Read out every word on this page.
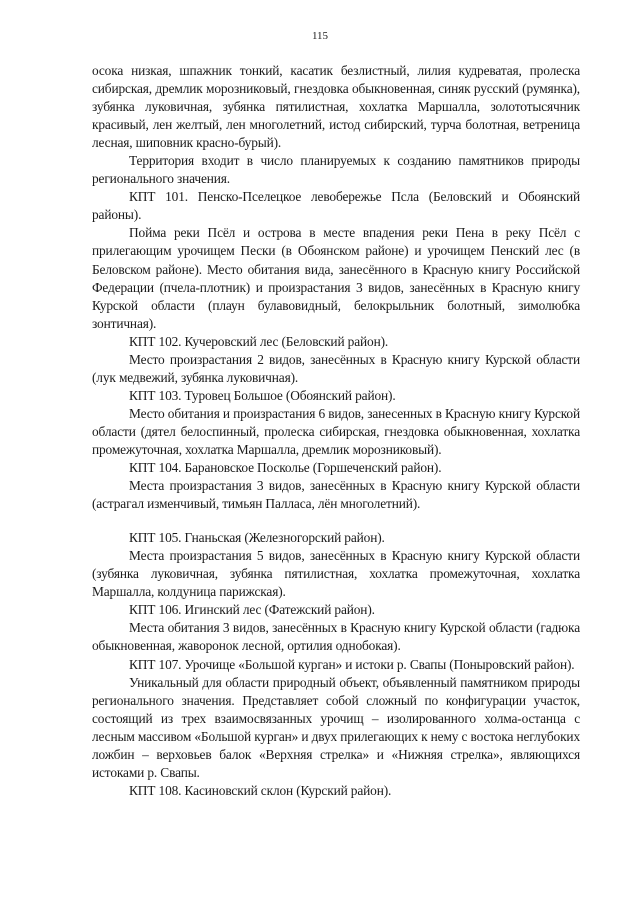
115

осока низкая, шпажник тонкий, касатик безлистный, лилия кудреватая, пролеска сибирская, дремлик морозниковый, гнездовка обыкновенная, синяк русский (румянка), зубянка луковичная, зубянка пятилистная, хохлатка Маршалла, золототысячник красивый, лен желтый, лен многолетний, истод сибирский, турча болотная, ветреница лесная, шиповник красно-бурый).

Территория входит в число планируемых к созданию памятников природы регионального значения.

КПТ 101. Пенско-Пселецкое левобережье Псла (Беловский и Обоянский районы).

Пойма реки Псёл и острова в месте впадения реки Пена в реку Псёл с прилегающим урочищем Пески (в Обоянском районе) и урочищем Пенский лес (в Беловском районе). Место обитания вида, занесённого в Красную книгу Российской Федерации (пчела-плотник) и произрастания 3 видов, занесённых в Красную книгу Курской области (плаун булавовидный, белокрыльник болотный, зимолюбка зонтичная).

КПТ 102. Кучеровский лес (Беловский район).

Место произрастания 2 видов, занесённых в Красную книгу Курской области (лук медвежий, зубянка луковичная).

КПТ 103. Туровец Большое (Обоянский район).

Место обитания и произрастания 6 видов, занесенных в Красную книгу Курской области (дятел белоспинный, пролеска сибирская, гнездовка обыкновенная, хохлатка промежуточная, хохлатка Маршалла, дремлик морозниковый).

КПТ 104. Барановское Посколье (Горшеченский район).

Места произрастания 3 видов, занесённых в Красную книгу Курской области (астрагал изменчивый, тимьян Палласа, лён многолетний).

КПТ 105. Гнаньская (Железногорский район).

Места произрастания 5 видов, занесённых в Красную книгу Курской области (зубянка луковичная, зубянка пятилистная, хохлатка промежуточная, хохлатка Маршалла, колдуница парижская).

КПТ 106. Игинский лес (Фатежский район).

Места обитания 3 видов, занесённых в Красную книгу Курской области (гадюка обыкновенная, жаворонок лесной, ортилия однобокая).

КПТ 107. Урочище «Большой курган» и истоки р. Свапы (Поныровский район).

Уникальный для области природный объект, объявленный памятником природы регионального значения. Представляет собой сложный по конфигурации участок, состоящий из трех взаимосвязанных урочищ – изолированного холма-останца с лесным массивом «Большой курган» и двух прилегающих к нему с востока неглубоких ложбин – верховьев балок «Верхняя стрелка» и «Нижняя стрелка», являющихся истоками р. Свапы.

КПТ 108. Касиновский склон (Курский район).
